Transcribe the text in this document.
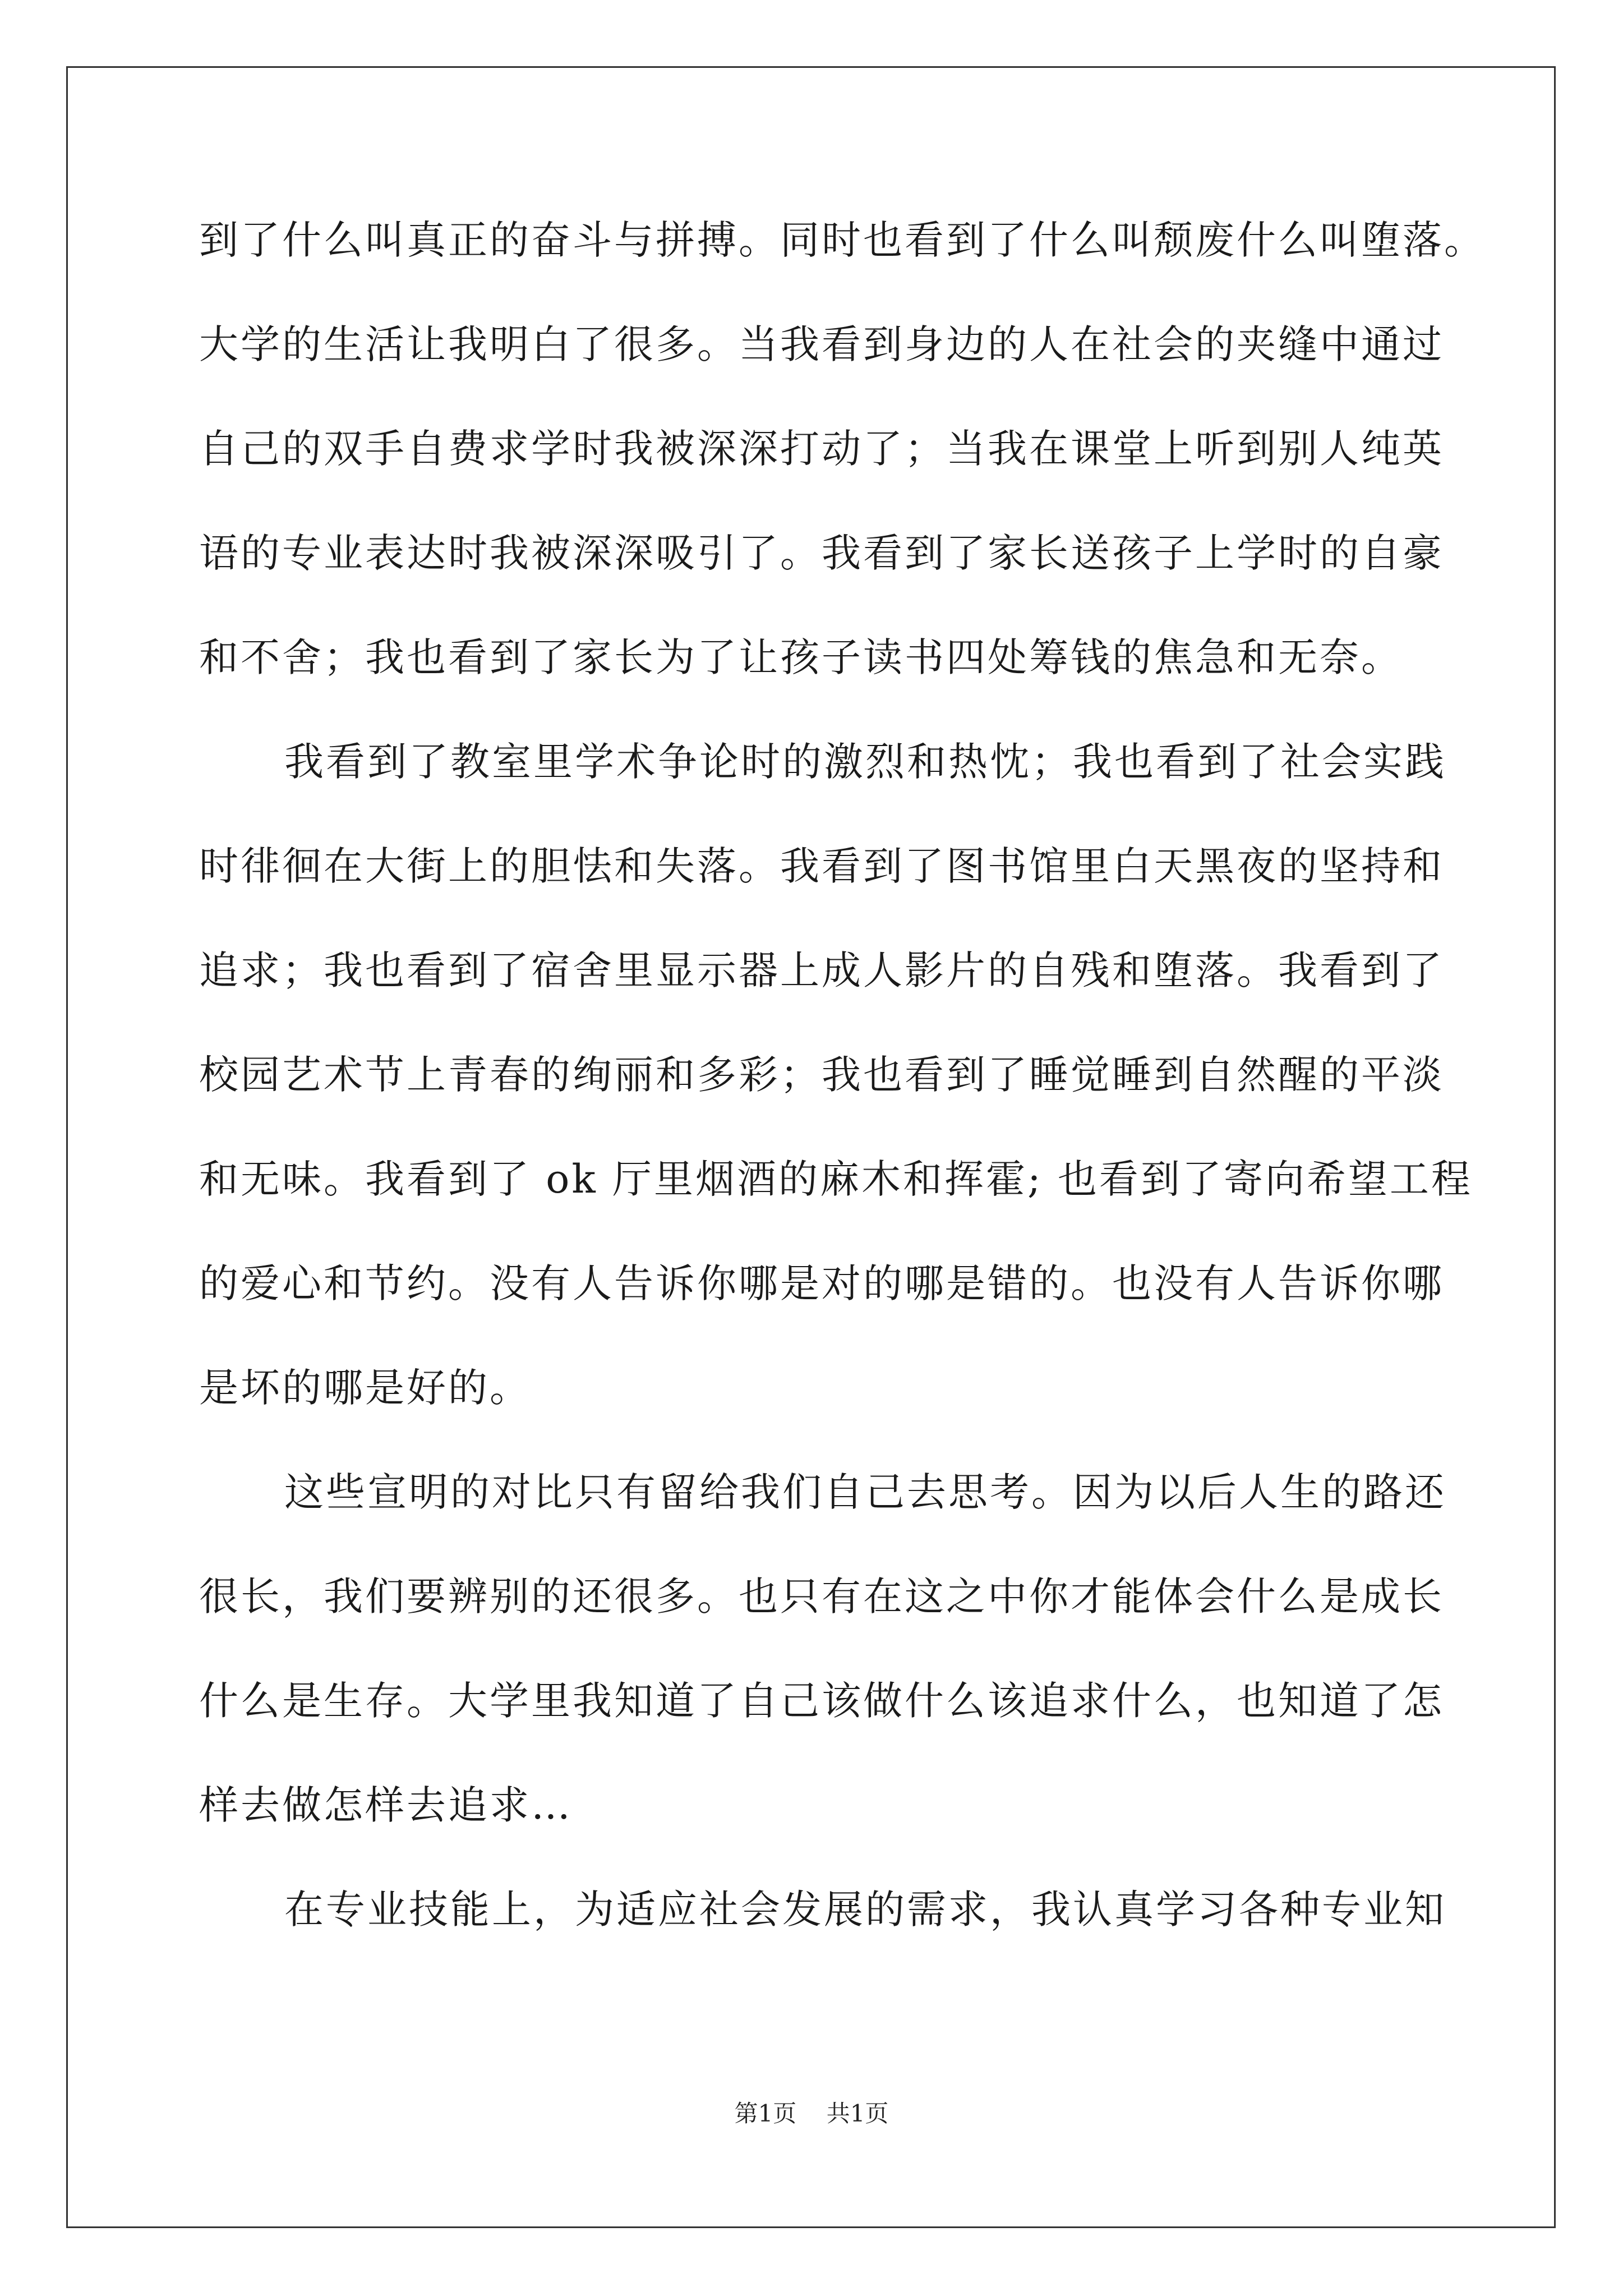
到了什么叫真正的奋斗与拼搏。同时也看到了什么叫颓废什么叫堕落。
大学的生活让我明白了很多。当我看到身边的人在社会的夹缝中通过
自己的双手自费求学时我被深深打动了；当我在课堂上听到别人纯英
语的专业表达时我被深深吸引了。我看到了家长送孩子上学时的自豪
和不舍；我也看到了家长为了让孩子读书四处筹钱的焦急和无奈。
我看到了教室里学术争论时的激烈和热忱；我也看到了社会实践
时徘徊在大街上的胆怯和失落。我看到了图书馆里白天黑夜的坚持和
追求；我也看到了宿舍里显示器上成人影片的自残和堕落。我看到了
校园艺术节上青春的绚丽和多彩；我也看到了睡觉睡到自然醒的平淡
和无味。我看到了 ok 厅里烟酒的麻木和挥霍; 也看到了寄向希望工程
的爱心和节约。没有人告诉你哪是对的哪是错的。也没有人告诉你哪
是坏的哪是好的。
这些宣明的对比只有留给我们自己去思考。因为以后人生的路还
很长，我们要辨别的还很多。也只有在这之中你才能体会什么是成长
什么是生存。大学里我知道了自己该做什么该追求什么，也知道了怎
样去做怎样去追求…
在专业技能上，为适应社会发展的需求，我认真学习各种专业知
第1页 共1页
